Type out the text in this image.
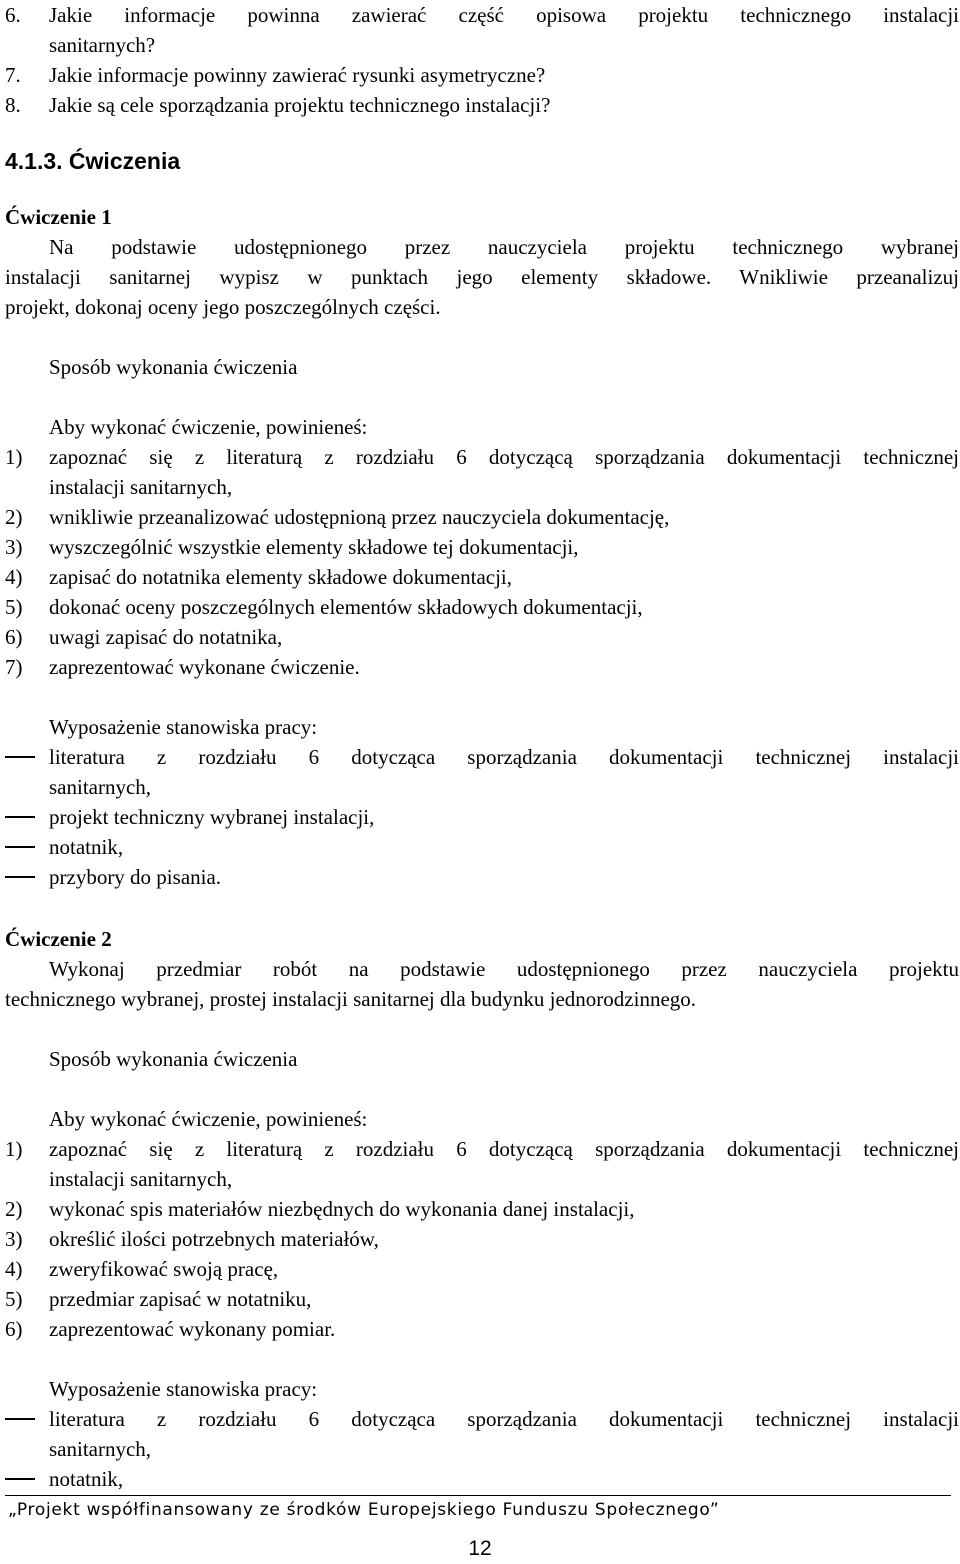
6. Jakie informacje powinna zawierać część opisowa projektu technicznego instalacji
sanitarnych?
7. Jakie informacje powinny zawierać rysunki asymetryczne?
8. Jakie są cele sporządzania projektu technicznego instalacji?
4.1.3. Ćwiczenia
Ćwiczenie 1
Na podstawie udostępnionego przez nauczyciela projektu technicznego wybranej
instalacji sanitarnej wypisz w punktach jego elementy składowe. Wnikliwie przeanalizuj
projekt, dokonaj oceny jego poszczególnych części.
Sposób wykonania ćwiczenia
Aby wykonać ćwiczenie, powinieneś:
1) zapoznać się z literaturą z rozdziału 6 dotyczącą sporządzania dokumentacji technicznej
instalacji sanitarnych,
2) wnikliwie przeanalizować udostępnioną przez nauczyciela dokumentację,
3) wyszczególnić wszystkie elementy składowe tej dokumentacji,
4) zapisać do notatnika elementy składowe dokumentacji,
5) dokonać oceny poszczególnych elementów składowych dokumentacji,
6) uwagi zapisać do notatnika,
7) zaprezentować wykonane ćwiczenie.
Wyposażenie stanowiska pracy:
literatura z rozdziału 6 dotycząca sporządzania dokumentacji technicznej instalacji
sanitarnych,
projekt techniczny wybranej instalacji,
notatnik,
przybory do pisania.
Ćwiczenie 2
Wykonaj przedmiar robót na podstawie udostępnionego przez nauczyciela projektu
technicznego wybranej, prostej instalacji sanitarnej dla budynku jednorodzinnego.
Sposób wykonania ćwiczenia
Aby wykonać ćwiczenie, powinieneś:
1) zapoznać się z literaturą z rozdziału 6 dotyczącą sporządzania dokumentacji technicznej
instalacji sanitarnych,
2) wykonać spis materiałów niezbędnych do wykonania danej instalacji,
3) określić ilości potrzebnych materiałów,
4) zweryfikować swoją pracę,
5) przedmiar zapisać w notatniku,
6) zaprezentować wykonany pomiar.
Wyposażenie stanowiska pracy:
literatura z rozdziału 6 dotycząca sporządzania dokumentacji technicznej instalacji
sanitarnych,
notatnik,
„Projekt współfinansowany ze środków Europejskiego Funduszu Społecznego”
12
